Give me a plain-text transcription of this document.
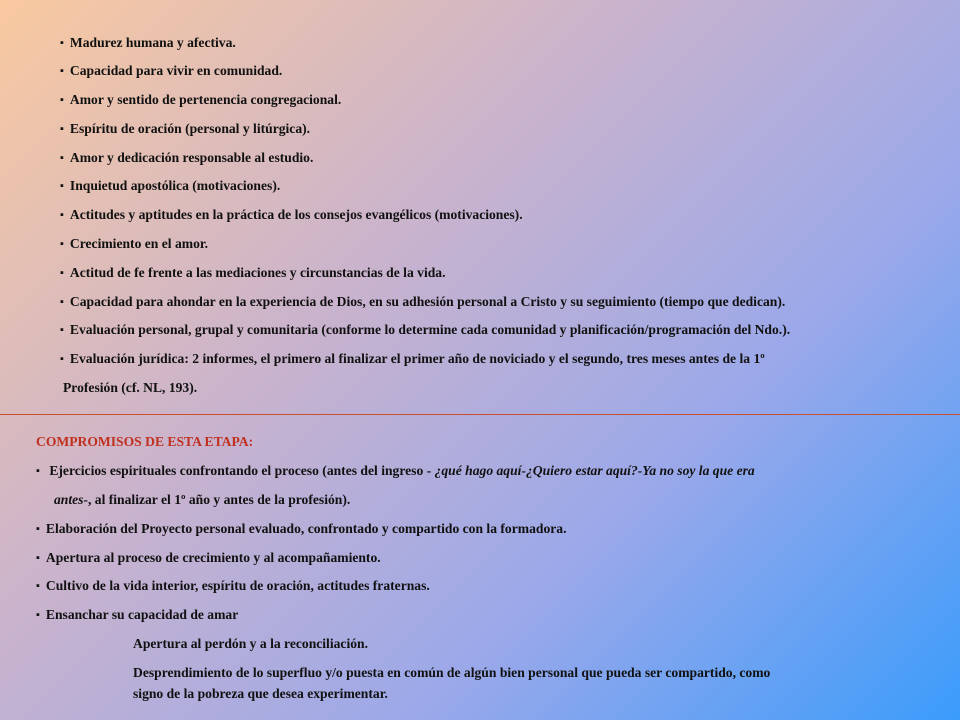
▪ Madurez humana y afectiva.
▪ Capacidad para vivir en comunidad.
▪ Amor y sentido de pertenencia congregacional.
▪ Espíritu de oración (personal y litúrgica).
▪ Amor y dedicación responsable al estudio.
▪ Inquietud apostólica (motivaciones).
▪ Actitudes y aptitudes en la práctica de los consejos evangélicos (motivaciones).
▪ Crecimiento en el amor.
▪ Actitud de fe frente a las mediaciones y circunstancias de la vida.
▪ Capacidad para ahondar en la experiencia de Dios, en su adhesión personal a Cristo y su seguimiento (tiempo que dedican).
▪ Evaluación personal, grupal y comunitaria (conforme lo determine cada comunidad y planificación/programación del Ndo.).
▪ Evaluación jurídica: 2 informes, el primero al finalizar el primer año de noviciado y el segundo, tres meses antes de la 1º
Profesión (cf. NL, 193).
COMPROMISOS DE ESTA ETAPA:
▪ Ejercicios espirituales confrontando el proceso (antes del ingreso - ¿qué hago aquí-¿Quiero estar aquí?-Ya no soy la que era
antes-, al finalizar el 1º año y antes de la profesión).
▪ Elaboración del Proyecto personal evaluado, confrontado y compartido con la formadora.
▪ Apertura al proceso de crecimiento y al acompañamiento.
▪ Cultivo de la vida interior, espíritu de oración, actitudes fraternas.
▪ Ensanchar su capacidad de amar
Apertura al perdón y a la reconciliación.
Desprendimiento de lo superfluo y/o puesta en común de algún bien personal que pueda ser compartido, como
signo de la pobreza que desea experimentar.
